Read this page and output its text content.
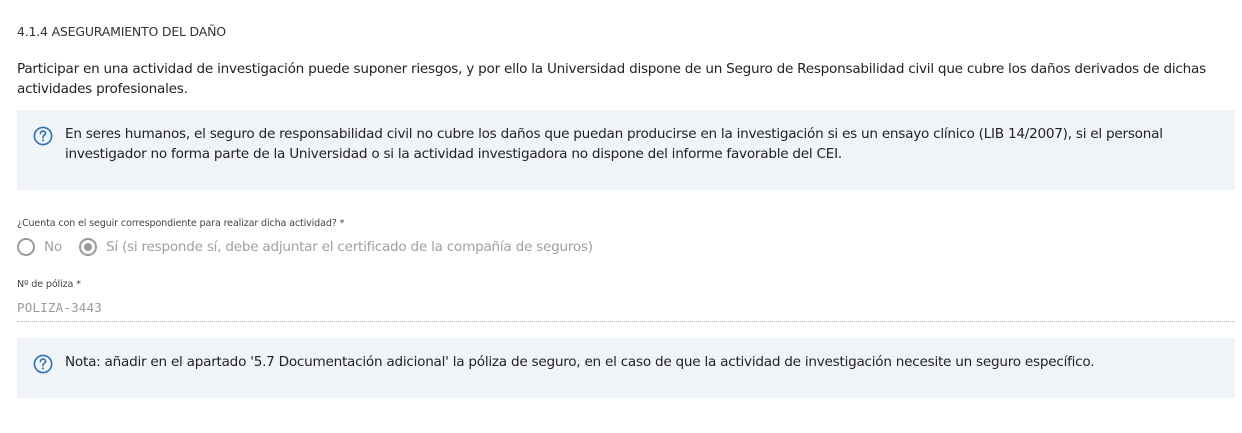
4.1.4 ASEGURAMIENTO DEL DAÑO
Participar en una actividad de investigación puede suponer riesgos, y por ello la Universidad dispone de un Seguro de Responsabilidad civil que cubre los daños derivados de dichas actividades profesionales.
En seres humanos, el seguro de responsabilidad civil no cubre los daños que puedan producirse en la investigación si es un ensayo clínico (LIB 14/2007), si el personal investigador no forma parte de la Universidad o si la actividad investigadora no dispone del informe favorable del CEI.
¿Cuenta con el seguir correspondiente para realizar dicha actividad? *
No	Sí (si responde sí, debe adjuntar el certificado de la compañía de seguros)
Nº de póliza *
POLIZA-3443
Nota: añadir en el apartado '5.7 Documentación adicional' la póliza de seguro, en el caso de que la actividad de investigación necesite un seguro específico.
